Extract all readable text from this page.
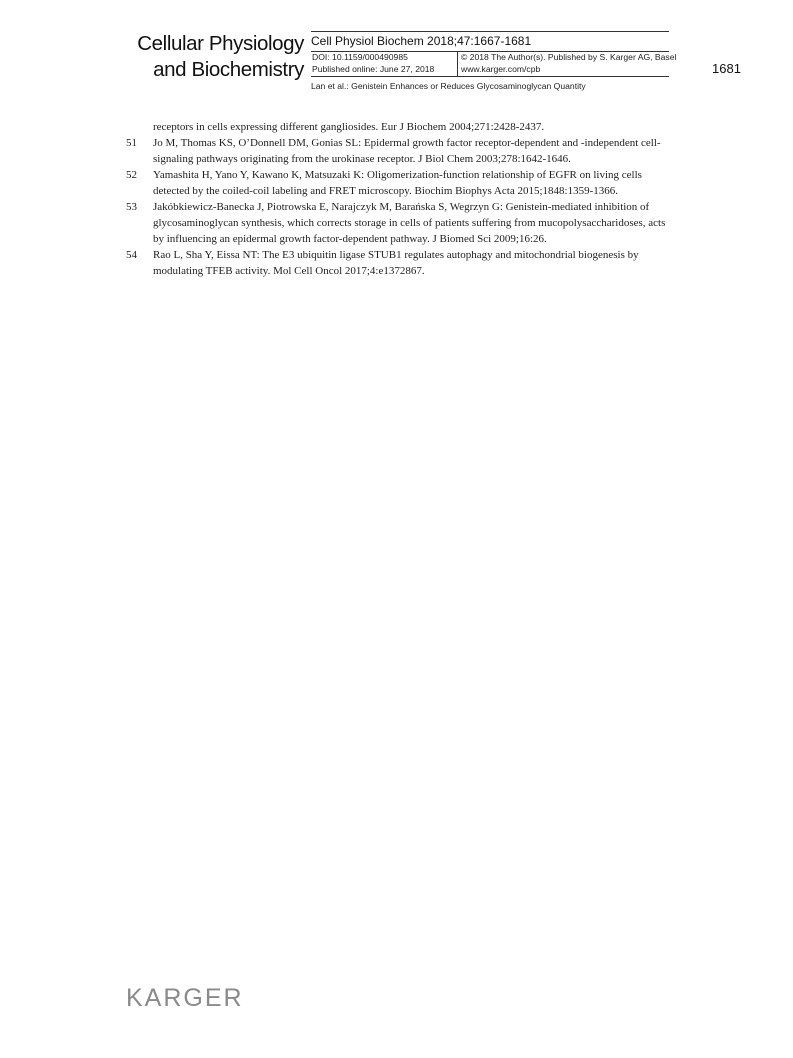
Cellular Physiology
and Biochemistry
Cell Physiol Biochem 2018;47:1667-1681
DOI: 10.1159/000490985
Published online: June 27, 2018
© 2018 The Author(s). Published by S. Karger AG, Basel
www.karger.com/cpb
Lan et al.: Genistein Enhances or Reduces Glycosaminoglycan Quantity
1681
receptors in cells expressing different gangliosides. Eur J Biochem 2004;271:2428-2437.
51 Jo M, Thomas KS, O’Donnell DM, Gonias SL: Epidermal growth factor receptor-dependent and -independent cell-signaling pathways originating from the urokinase receptor. J Biol Chem 2003;278:1642-1646.
52 Yamashita H, Yano Y, Kawano K, Matsuzaki K: Oligomerization-function relationship of EGFR on living cells detected by the coiled-coil labeling and FRET microscopy. Biochim Biophys Acta 2015;1848:1359-1366.
53 Jakóbkiewicz-Banecka J, Piotrowska E, Narajczyk M, Barańska S, Wegrzyn G: Genistein-mediated inhibition of glycosaminoglycan synthesis, which corrects storage in cells of patients suffering from mucopolysaccharidoses, acts by influencing an epidermal growth factor-dependent pathway. J Biomed Sci 2009;16:26.
54 Rao L, Sha Y, Eissa NT: The E3 ubiquitin ligase STUB1 regulates autophagy and mitochondrial biogenesis by modulating TFEB activity. Mol Cell Oncol 2017;4:e1372867.
KARGER
